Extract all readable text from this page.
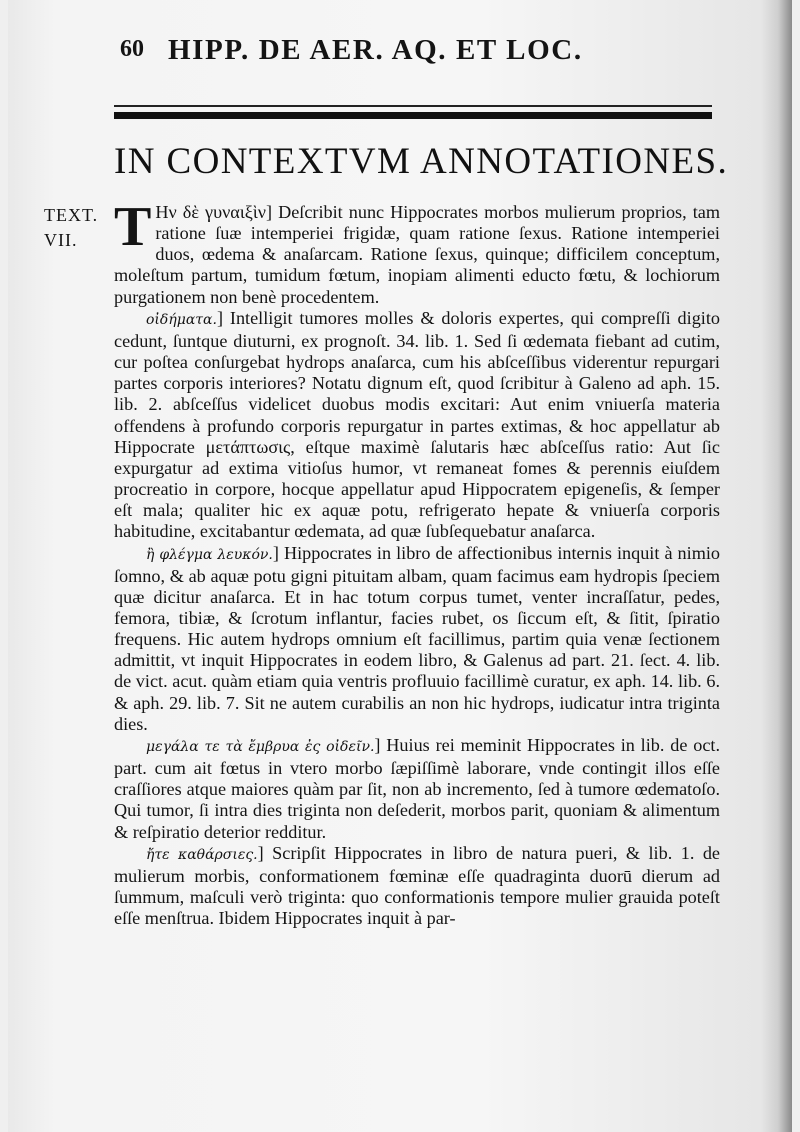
60 HIPP. DE AER. AQ. ET LOC.
IN CONTEXTVM ANNOTATIONES.
TEXT.
VII. T Hν δὲ γυναιξὶν] Deſcribit nunc Hippocrates morbos mulierum proprios, tam ratione ſuæ intemperiei frigidæ, quam ratione ſexus. Ratione intemperiei duos, œdema & anaſarcam. Ratione ſexus, quinque; difficilem conceptum, moleſtum partum, tumidum fœtum, inopiam alimenti educto fœtu, & lochiorum purgationem non benè procedentem.

οἰδήματα.] Intelligit tumores molles & doloris expertes, qui compreſſi digito cedunt, ſuntque diuturni, ex prognoſt. 34. lib. 1. Sed ſi œdemata fiebant ad cutim, cur poſtea conſurgebat hydrops anaſarca, cum his abſceſſibus viderentur repurgari partes corporis interiores? Notatu dignum eſt, quod ſcribitur à Galeno ad aph. 15. lib. 2. abſceſſus videlicet duobus modis excitari: Aut enim vniuerſa materia offendens à profundo corporis repurgatur in partes extimas, & hoc appellatur ab Hippocrate μετάπτωσις, eſtque maximè ſalutaris hæc abſceſſus ratio: Aut ſic expurgatur ad extima vitioſus humor, vt remaneat fomes & perennis eiuſdem procreatio in corpore, hocque appellatur apud Hippocratem epigeneſis, & ſemper eſt mala; qualiter hic ex aquæ potu, refrigerato hepate & vniuerſa corporis habitudine, excitabantur œdemata, ad quæ ſubſequebatur anaſarca.

ἢ φλέγμα λευκόν.] Hippocrates in libro de affectionibus internis inquit à nimio ſomno, & ab aquæ potu gigni pituitam albam, quam facimus eam hydropis ſpeciem quæ dicitur anaſarca. Et in hac totum corpus tumet, venter incraſſatur, pedes, femora, tibiæ, & ſcrotum inflantur, facies rubet, os ſiccum eſt, & ſitit, ſpiratio frequens. Hic autem hydrops omnium eſt facillimus, partim quia venæ ſectionem admittit, vt inquit Hippocrates in eodem libro, & Galenus ad part. 21. ſect. 4. lib. de vict. acut. quàm etiam quia ventris profluuio facillimè curatur, ex aph. 14. lib. 6. & aph. 29. lib. 7. Sit ne autem curabilis an non hic hydrops, iudicatur intra triginta dies.

μεγάλα τε τὰ ἔμβρυα ἐς οἰδεῖν.] Huius rei meminit Hippocrates in lib. de oct. part. cum ait fœtus in vtero morbo ſæpiſſimè laborare, vnde contingit illos eſſe craſſiores atque maiores quàm par ſit, non ab incremento, ſed à tumore œdematoſo. Qui tumor, ſi intra dies triginta non deſederit, morbos parit, quoniam & alimentum & reſpiratio deterior redditur.

ἤτε καθάρσιες.] Scripſit Hippocrates in libro de natura pueri, & lib. 1. de mulierum morbis, conformationem fœminæ eſſe quadraginta duorū dierum ad ſummum, maſculi verò triginta: quo conformationis tempore mulier grauida poteſt eſſe menſtrua. Ibidem Hippocrates inquit à par-
